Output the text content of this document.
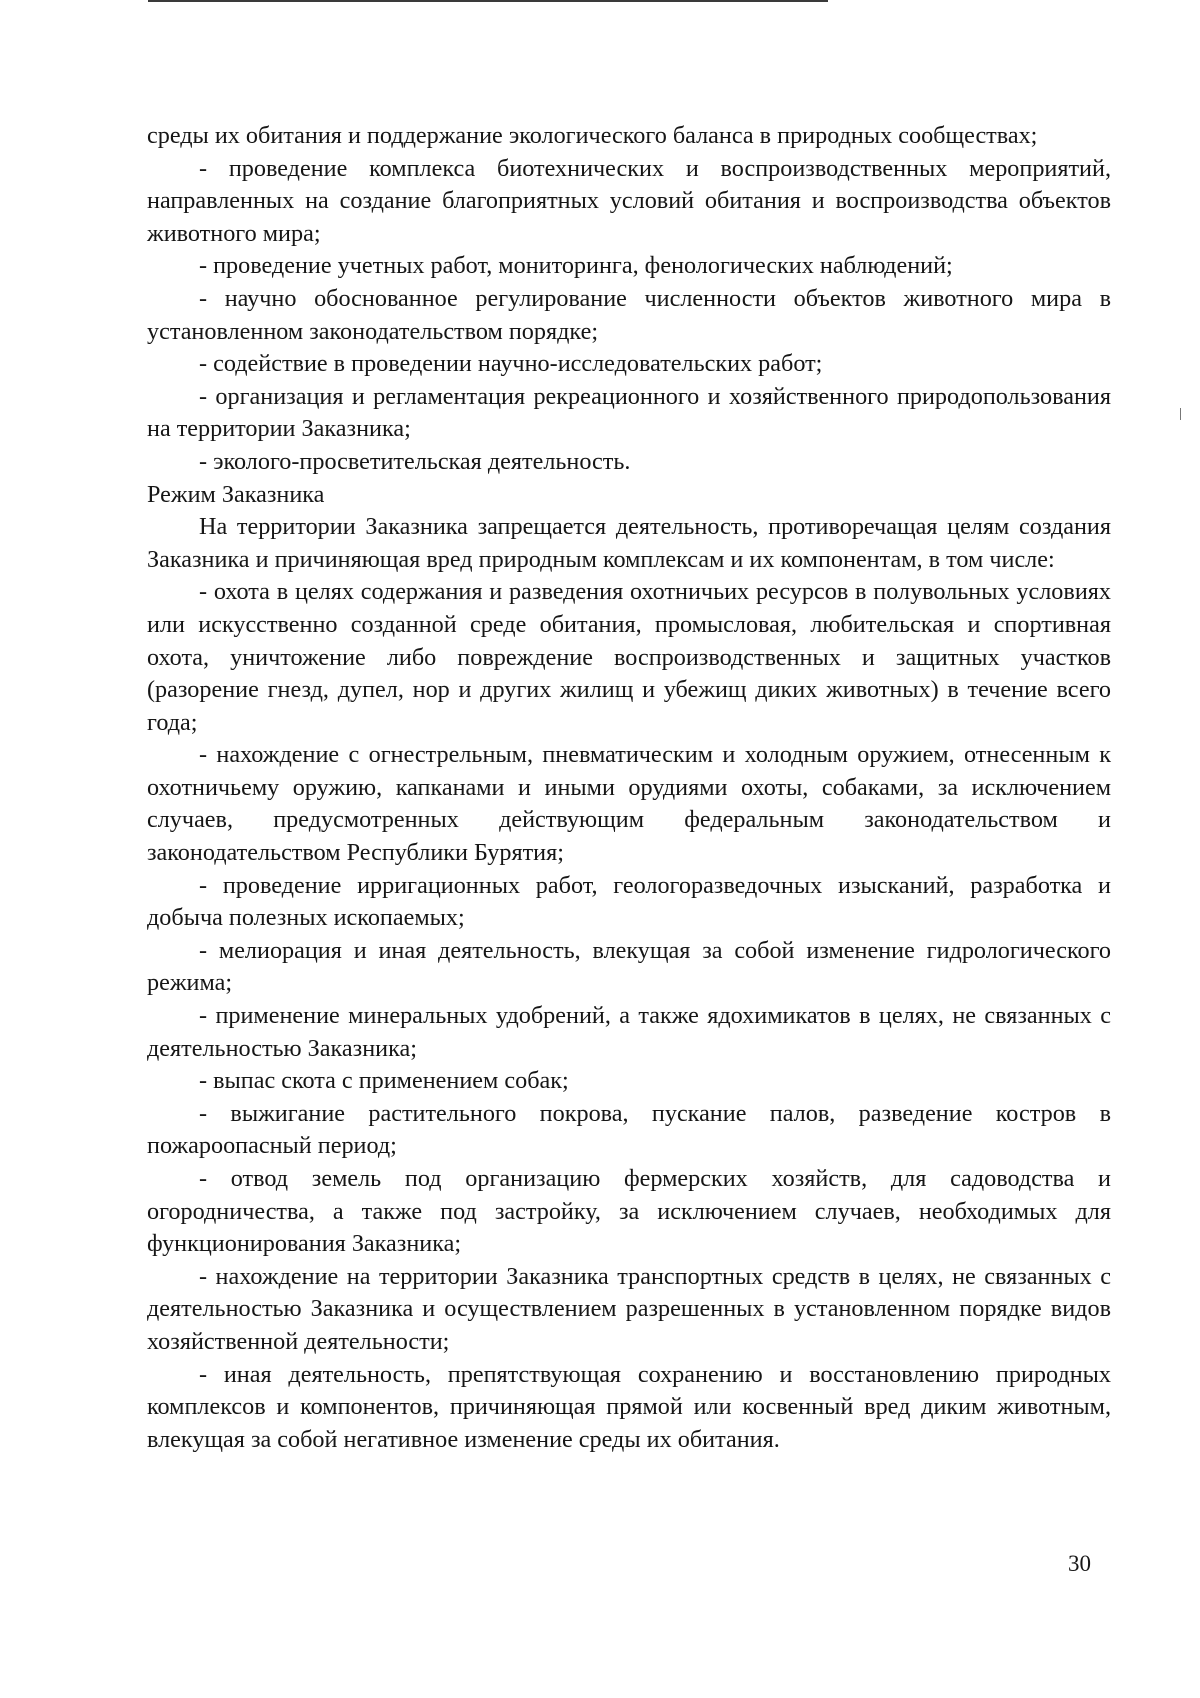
среды их обитания и поддержание экологического баланса в природных сообществах;

- проведение комплекса биотехнических и воспроизводственных мероприятий, направленных на создание благоприятных условий обитания и воспроизводства объектов животного мира;

- проведение учетных работ, мониторинга, фенологических наблюдений;

- научно обоснованное регулирование численности объектов животного мира в установленном законодательством порядке;

- содействие в проведении научно-исследовательских работ;

- организация и регламентация рекреационного и хозяйственного природопользования на территории Заказника;

- эколого-просветительская деятельность.

Режим Заказника

На территории Заказника запрещается деятельность, противоречащая целям создания Заказника и причиняющая вред природным комплексам и их компонентам, в том числе:

- охота в целях содержания и разведения охотничьих ресурсов в полувольных условиях или искусственно созданной среде обитания, промысловая, любительская и спортивная охота, уничтожение либо повреждение воспроизводственных и защитных участков (разорение гнезд, дупел, нор и других жилищ и убежищ диких животных) в течение всего года;

- нахождение с огнестрельным, пневматическим и холодным оружием, отнесенным к охотничьему оружию, капканами и иными орудиями охоты, собаками, за исключением случаев, предусмотренных действующим федеральным законодательством и законодательством Республики Бурятия;

- проведение ирригационных работ, геологоразведочных изысканий, разработка и добыча полезных ископаемых;

- мелиорация и иная деятельность, влекущая за собой изменение гидрологического режима;

- применение минеральных удобрений, а также ядохимикатов в целях, не связанных с деятельностью Заказника;

- выпас скота с применением собак;

- выжигание растительного покрова, пускание палов, разведение костров в пожароопасный период;

- отвод земель под организацию фермерских хозяйств, для садоводства и огородничества, а также под застройку, за исключением случаев, необходимых для функционирования Заказника;

- нахождение на территории Заказника транспортных средств в целях, не связанных с деятельностью Заказника и осуществлением разрешенных в установленном порядке видов хозяйственной деятельности;

- иная деятельность, препятствующая сохранению и восстановлению природных комплексов и компонентов, причиняющая прямой или косвенный вред диким животным, влекущая за собой негативное изменение среды их обитания.

30
